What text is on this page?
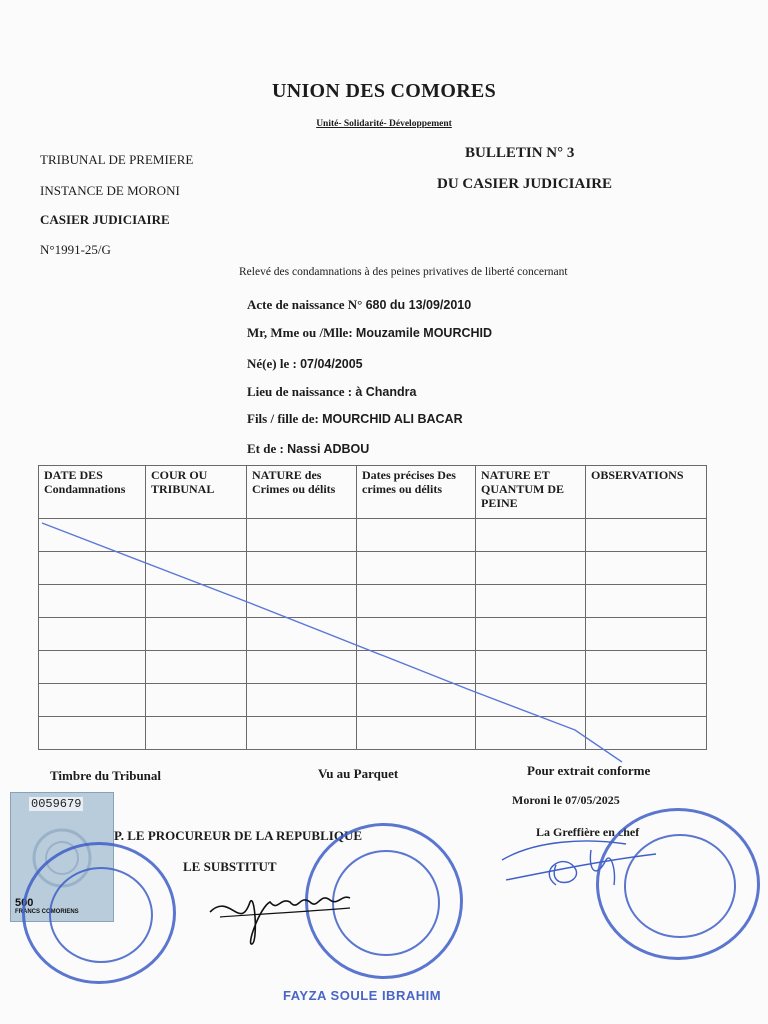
UNION DES COMORES
Unité- Solidarité- Développement
TRIBUNAL DE PREMIERE
INSTANCE DE MORONI
CASIER JUDICIAIRE
N°1991-25/G
BULLETIN N° 3
DU CASIER JUDICIAIRE
Relevé des condamnations à des peines privatives de liberté concernant
Acte de naissance N° 680 du 13/09/2010
Mr, Mme ou /Mlle: Mouzamile MOURCHID
Né(e) le : 07/04/2005
Lieu de naissance : à Chandra
Fils / fille de: MOURCHID ALI BACAR
Et de : Nassi ADBOU
DATE DES Condamnations	COUR OU TRIBUNAL	NATURE des Crimes ou délits	Dates précises Des crimes ou délits	NATURE ET QUANTUM DE PEINE	OBSERVATIONS

Timbre du Tribunal	Vu au Parquet	Pour extrait conforme
Moroni le 07/05/2025
P. LE PROCUREUR DE LA REPUBLIQUE
LE SUBSTITUT
La Greffière en chef
FAYZA SOULE IBRAHIM
0059679
500
FRANCS COMORIENS
